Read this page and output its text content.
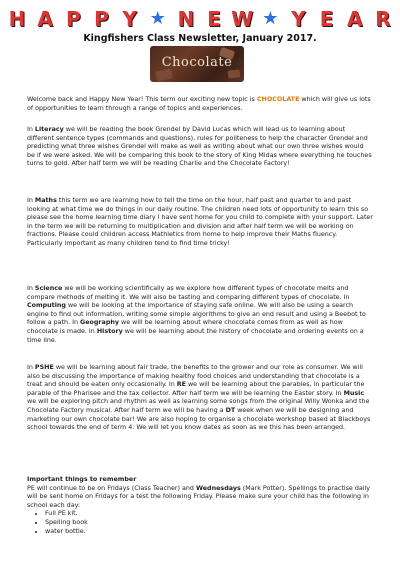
H A P P Y ★ N E W ★ Y E A R
Kingfishers Class Newsletter, January 2017.
Chocolate

Welcome back and Happy New Year! This term our exciting new topic is CHOCOLATE which will give us lots of opportunities to learn through a range of topics and experiences.

In Literacy we will be reading the book Grendel by David Lucas which will lead us to learning about different sentence types (commands and questions), rules for politeness to help the character Grendel and predicting what three wishes Grendel will make as well as writing about what our own three wishes would be if we were asked. We will be comparing this book to the story of King Midas where everything he touches turns to gold. After half term we will be reading Charlie and the Chocolate Factory!

In Maths this term we are learning how to tell the time on the hour, half past and quarter to and past looking at what time we do things in our daily routine. The children need lots of opportunity to learn this so please see the home learning time diary I have sent home for you child to complete with your support. Later in the term we will be returning to multiplication and division and after half term we will be working on fractions. Please could children access Mathletics from home to help improve their Maths fluency. Particularly important as many children tend to find time tricky!

In Science we will be working scientifically as we explore how different types of chocolate melts and compare methods of melting it. We will also be tasting and comparing different types of chocolate. In Computing we will be looking at the importance of staying safe online. We will also be using a search engine to find out information, writing some simple algorithms to give an end result and using a Beebot to follow a path. In Geography we will be learning about where chocolate comes from as well as how chocolate is made. In History we will be learning about the history of chocolate and ordering events on a time line.

In PSHE we will be learning about fair trade, the benefits to the grower and our role as consumer. We will also be discussing the importance of making healthy food choices and understanding that chocolate is a treat and should be eaten only occasionally. In RE we will be learning about the parables, in particular the parable of the Pharisee and the tax collector. After half term we will be learning the Easter story. In Music we will be exploring pitch and rhythm as well as learning some songs from the original Willy Wonka and the Chocolate Factory musical. After half term we will be having a DT week when we will be designing and marketing our own chocolate bar! We are also hoping to organise a chocolate workshop based at Blackboys school towards the end of term 4. We will let you know dates as soon as we this has been arranged.

Important things to remember

PE will continue to be on Fridays (Class Teacher) and Wednesdays (Mark Potter). Spellings to practise daily will be sent home on Fridays for a test the following Friday. Please make sure your child has the following in school each day:

• Full PE kit.
• Spelling book
• water bottle.
